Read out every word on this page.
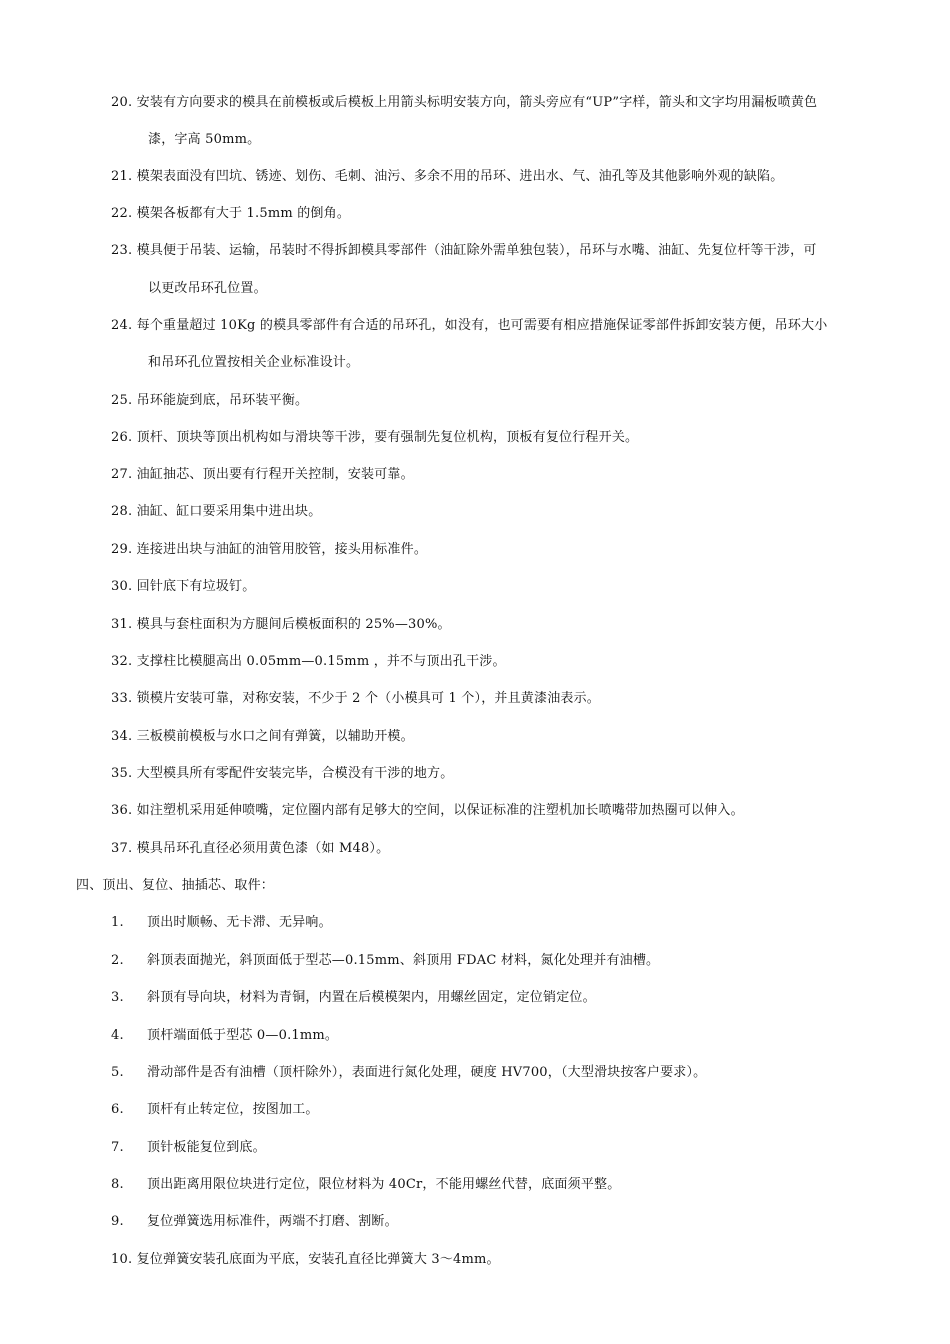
20. 安装有方向要求的模具在前模板或后模板上用箭头标明安装方向，箭头旁应有“UP”字样，箭头和文字均用漏板喷黄色
漆，字高 50mm。
21. 模架表面没有凹坑、锈迹、划伤、毛刺、油污、多余不用的吊环、进出水、气、油孔等及其他影响外观的缺陷。
22. 模架各板都有大于 1.5mm 的倒角。
23. 模具便于吊装、运输，吊装时不得拆卸模具零部件（油缸除外需单独包装），吊环与水嘴、油缸、先复位杆等干涉，可
以更改吊环孔位置。
24. 每个重量超过 10Kg 的模具零部件有合适的吊环孔，如没有，也可需要有相应措施保证零部件拆卸安装方便，吊环大小
和吊环孔位置按相关企业标准设计。
25. 吊环能旋到底，吊环装平衡。
26. 顶杆、顶块等顶出机构如与滑块等干涉，要有强制先复位机构，顶板有复位行程开关。
27. 油缸抽芯、顶出要有行程开关控制，安装可靠。
28. 油缸、缸口要采用集中进出块。
29. 连接进出块与油缸的油管用胶管，接头用标准件。
30. 回针底下有垃圾钉。
31. 模具与套柱面积为方腿间后模板面积的 25%—30%。
32. 支撑柱比模腿高出 0.05mm—0.15mm ，并不与顶出孔干涉。
33. 锁模片安装可靠，对称安装，不少于 2 个（小模具可 1 个），并且黄漆油表示。
34. 三板模前模板与水口之间有弹簧，以辅助开模。
35. 大型模具所有零配件安装完毕，合模没有干涉的地方。
36. 如注塑机采用延伸喷嘴，定位圈内部有足够大的空间，以保证标准的注塑机加长喷嘴带加热圈可以伸入。
37. 模具吊环孔直径必须用黄色漆（如 M48）。
四、顶出、复位、抽插芯、取件：
1. 顶出时顺畅、无卡滞、无异响。
2. 斜顶表面抛光，斜顶面低于型芯—0.15mm、斜顶用 FDAC 材料，氮化处理并有油槽。
3. 斜顶有导向块，材料为青铜，内置在后模模架内，用螺丝固定，定位销定位。
4. 顶杆端面低于型芯 0—0.1mm。
5. 滑动部件是否有油槽（顶杆除外），表面进行氮化处理，硬度 HV700，（大型滑块按客户要求）。
6. 顶杆有止转定位，按图加工。
7. 顶针板能复位到底。
8. 顶出距离用限位块进行定位，限位材料为 40Cr，不能用螺丝代替，底面须平整。
9. 复位弹簧选用标准件，两端不打磨、割断。
10. 复位弹簧安装孔底面为平底，安装孔直径比弹簧大 3～4mm。
